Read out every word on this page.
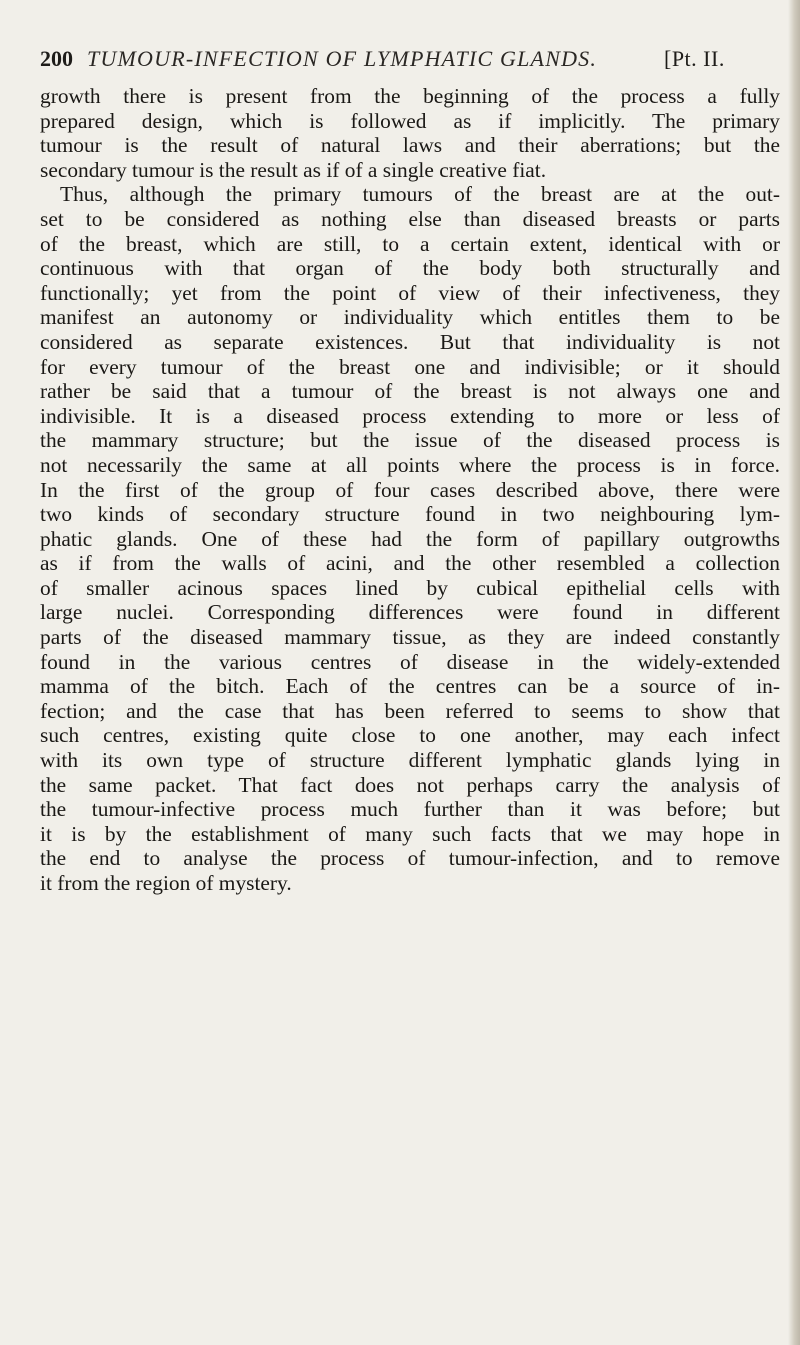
200 TUMOUR-INFECTION OF LYMPHATIC GLANDS.	[Pt. II.
growth there is present from the beginning of the process a fully
prepared design, which is followed as if implicitly. The primary
tumour is the result of natural laws and their aberrations; but the
secondary tumour is the result as if of a single creative fiat.
Thus, although the primary tumours of the breast are at the out-
set to be considered as nothing else than diseased breasts or parts
of the breast, which are still, to a certain extent, identical with or
continuous with that organ of the body both structurally and
functionally; yet from the point of view of their infectiveness, they
manifest an autonomy or individuality which entitles them to be
considered as separate existences. But that individuality is not
for every tumour of the breast one and indivisible; or it should
rather be said that a tumour of the breast is not always one and
indivisible. It is a diseased process extending to more or less of
the mammary structure; but the issue of the diseased process is
not necessarily the same at all points where the process is in force.
In the first of the group of four cases described above, there were
two kinds of secondary structure found in two neighbouring lym-
phatic glands. One of these had the form of papillary outgrowths
as if from the walls of acini, and the other resembled a collection
of smaller acinous spaces lined by cubical epithelial cells with
large nuclei. Corresponding differences were found in different
parts of the diseased mammary tissue, as they are indeed constantly
found in the various centres of disease in the widely-extended
mamma of the bitch. Each of the centres can be a source of in-
fection; and the case that has been referred to seems to show that
such centres, existing quite close to one another, may each infect
with its own type of structure different lymphatic glands lying in
the same packet. That fact does not perhaps carry the analysis of
the tumour-infective process much further than it was before; but
it is by the establishment of many such facts that we may hope in
the end to analyse the process of tumour-infection, and to remove
it from the region of mystery.
